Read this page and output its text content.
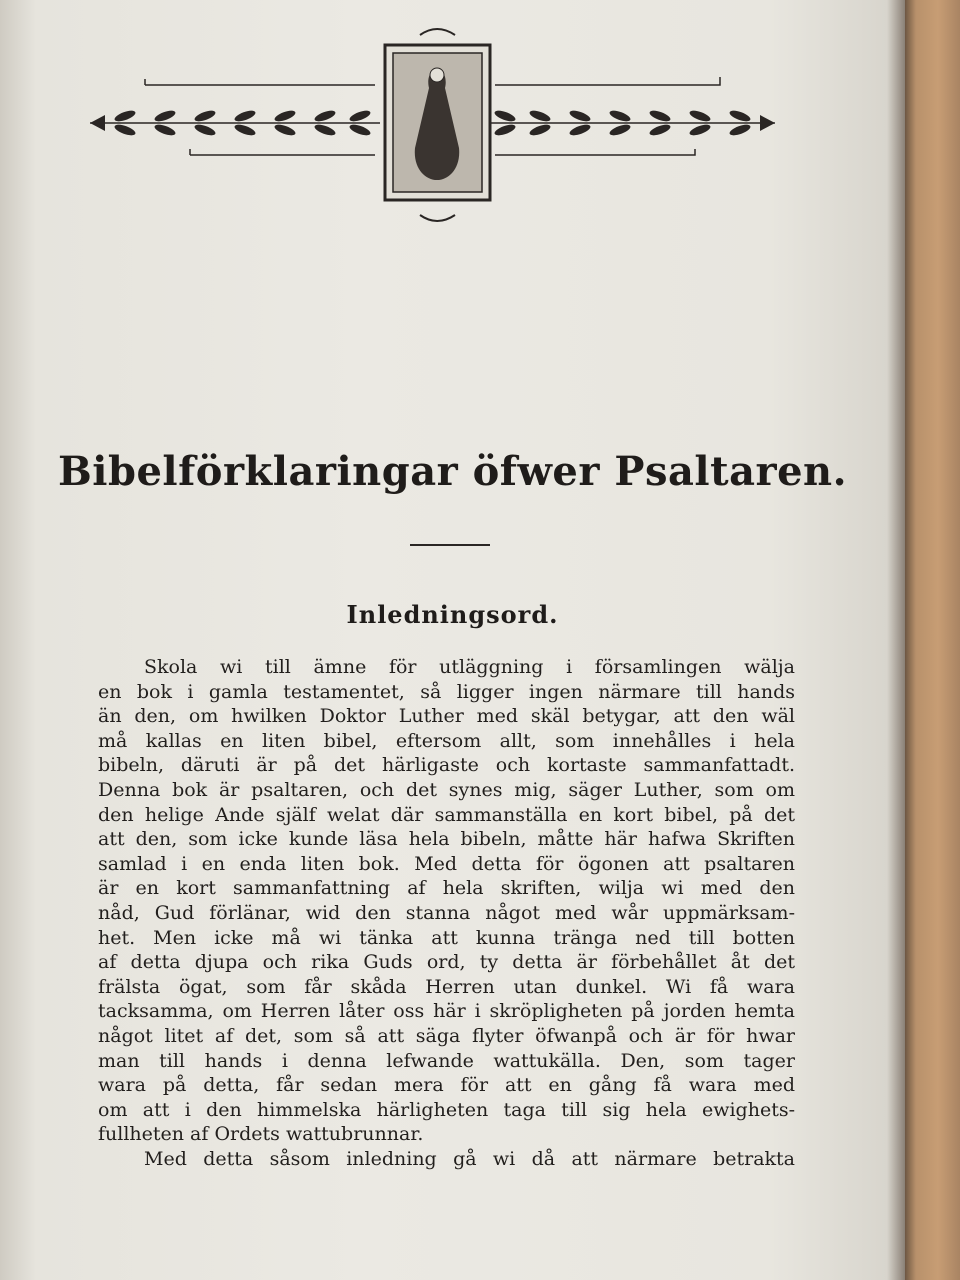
Bibelförklaringar öfwer Psaltaren.
Inledningsord.
Skola wi till ämne för utläggning i församlingen wälja
en bok i gamla testamentet, så ligger ingen närmare till hands
än den, om hwilken Doktor Luther med skäl betygar, att den wäl
må kallas en liten bibel, eftersom allt, som innehålles i hela
bibeln, däruti är på det härligaste och kortaste sammanfattadt.
Denna bok är psaltaren, och det synes mig, säger Luther, som om
den helige Ande själf welat där sammanställa en kort bibel, på det
att den, som icke kunde läsa hela bibeln, måtte här hafwa Skriften
samlad i en enda liten bok. Med detta för ögonen att psaltaren
är en kort sammanfattning af hela skriften, wilja wi med den
nåd, Gud förlänar, wid den stanna något med wår uppmärksam-
het. Men icke må wi tänka att kunna tränga ned till botten
af detta djupa och rika Guds ord, ty detta är förbehållet åt det
frälsta ögat, som får skåda Herren utan dunkel. Wi få wara
tacksamma, om Herren låter oss här i skröpligheten på jorden hemta
något litet af det, som så att säga flyter öfwanpå och är för hwar
man till hands i denna lefwande wattukälla. Den, som tager
wara på detta, får sedan mera för att en gång få wara med
om att i den himmelska härligheten taga till sig hela ewighets-
fullheten af Ordets wattubrunnar.
Med detta såsom inledning gå wi då att närmare betrakta
